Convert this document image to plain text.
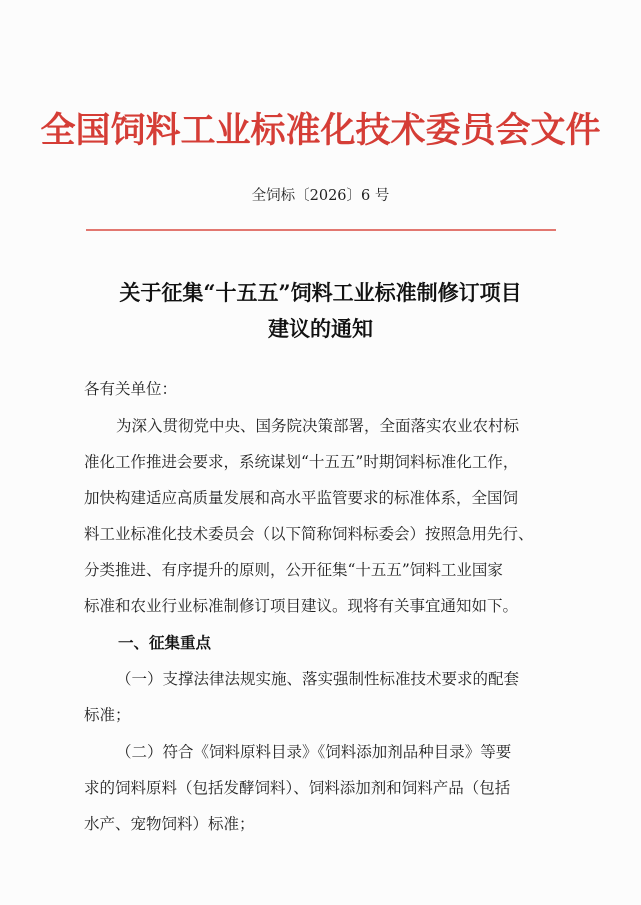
全国饲料工业标准化技术委员会文件
全饲标〔2026〕6 号
关于征集“十五五”饲料工业标准制修订项目
建议的通知
各有关单位：
为深入贯彻党中央、国务院决策部署，全面落实农业农村标
准化工作推进会要求，系统谋划“十五五”时期饲料标准化工作，
加快构建适应高质量发展和高水平监管要求的标准体系，全国饲
料工业标准化技术委员会（以下简称饲料标委会）按照急用先行、
分类推进、有序提升的原则，公开征集“十五五”饲料工业国家
标准和农业行业标准制修订项目建议。现将有关事宜通知如下。
一、征集重点
（一）支撑法律法规实施、落实强制性标准技术要求的配套
标准；
（二）符合《饲料原料目录》《饲料添加剂品种目录》等要
求的饲料原料（包括发酵饲料）、饲料添加剂和饲料产品（包括
水产、宠物饲料）标准；
